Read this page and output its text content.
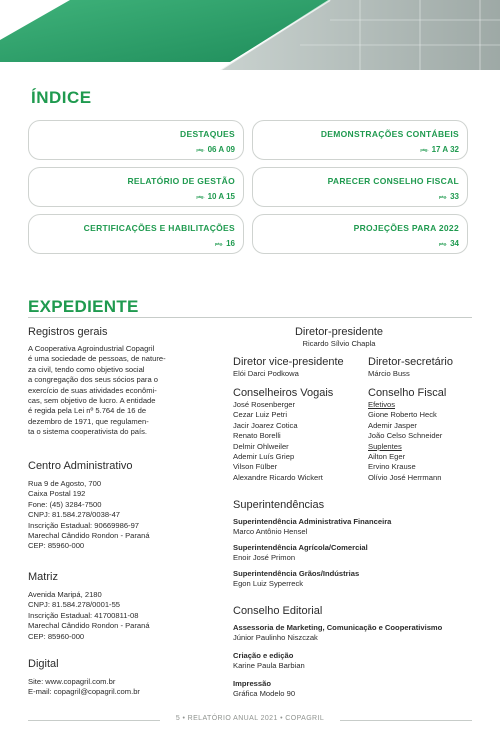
ÍNDICE
DESTAQUES
pág. 06 A 09
DEMONSTRAÇÕES CONTÁBEIS
pág. 17 A 32
RELATÓRIO DE GESTÃO
pág. 10 A 15
PARECER CONSELHO FISCAL
pág. 33
CERTIFICAÇÕES E HABILITAÇÕES
pág. 16
PROJEÇÕES PARA 2022
pág. 34
EXPEDIENTE
Registros gerais
A Cooperativa Agroindustrial Copagril
é uma sociedade de pessoas, de nature-
za civil, tendo como objetivo social
a congregação dos seus sócios para o
exercício de suas atividades econômi-
cas, sem objetivo de lucro. A entidade
é regida pela Lei nº 5.764 de 16 de
dezembro de 1971, que regulamen-
ta o sistema cooperativista do país.
Centro Administrativo
Rua 9 de Agosto, 700
Caixa Postal 192
Fone: (45) 3284-7500
CNPJ: 81.584.278/0038-47
Inscrição Estadual: 90669986-97
Marechal Cândido Rondon - Paraná
CEP: 85960-000
Matriz
Avenida Maripá, 2180
CNPJ: 81.584.278/0001-55
Inscrição Estadual: 41700811-08
Marechal Cândido Rondon - Paraná
CEP: 85960-000
Digital
Site: www.copagril.com.br
E-mail: copagril@copagril.com.br
Diretor-presidente
Ricardo Sílvio Chapla
Diretor vice-presidente
Elói Darci Podkowa
Diretor-secretário
Márcio Buss
Conselheiros Vogais
José Rosenberger
Cezar Luiz Petri
Jacir Joarez Cotica
Renato Borelli
Delmir Ohlweiler
Ademir Luís Griep
Vilson Fülber
Alexandre Ricardo Wickert
Conselho Fiscal
Efetivos
Gione Roberto Heck
Ademir Jasper
João Celso Schneider
Suplentes
Ailton Eger
Ervino Krause
Olívio José Herrmann
Superintendências
Superintendência Administrativa Financeira
Marco Antônio Hensel
Superintendência Agrícola/Comercial
Enoir José Primon
Superintendência Grãos/Indústrias
Egon Luiz Syperreck
Conselho Editorial
Assessoria de Marketing, Comunicação e Cooperativismo
Júnior Paulinho Niszczak
Criação e edição
Karine Paula Barbian
Impressão
Gráfica Modelo 90
5 • RELATÓRIO ANUAL 2021 • COPAGRIL
